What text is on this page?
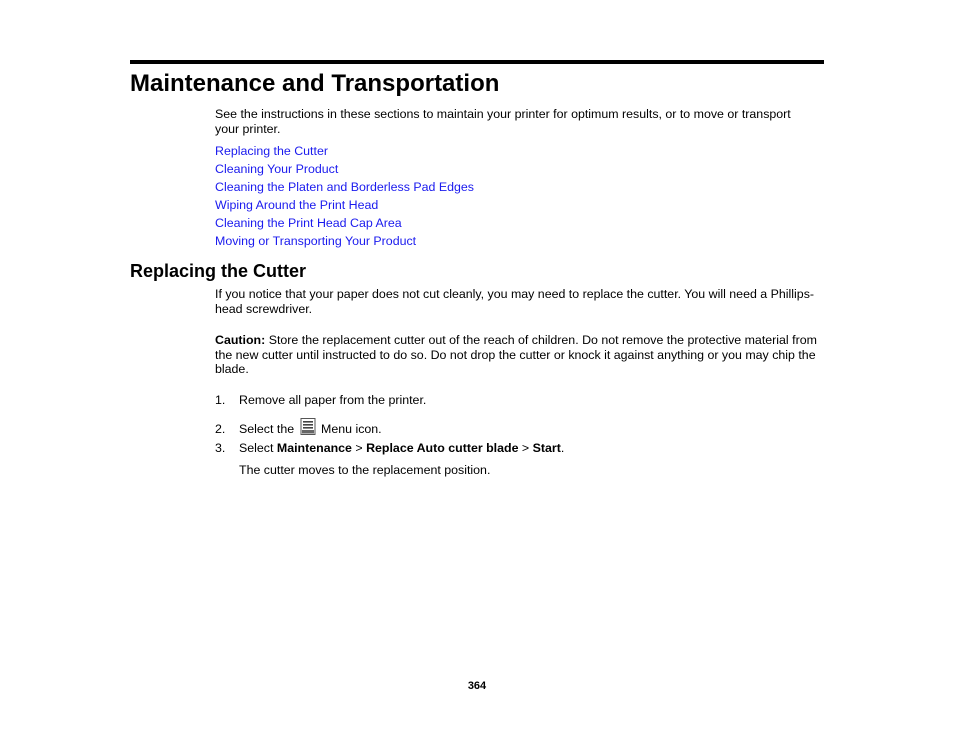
Maintenance and Transportation

See the instructions in these sections to maintain your printer for optimum results, or to move or transport your printer.

Replacing the Cutter
Cleaning Your Product
Cleaning the Platen and Borderless Pad Edges
Wiping Around the Print Head
Cleaning the Print Head Cap Area
Moving or Transporting Your Product
Replacing the Cutter

If you notice that your paper does not cut cleanly, you may need to replace the cutter. You will need a Phillips-head screwdriver.

Caution: Store the replacement cutter out of the reach of children. Do not remove the protective material from the new cutter until instructed to do so. Do not drop the cutter or knock it against anything or you may chip the blade.

1. Remove all paper from the printer.
2. Select the  Menu icon.
3. Select Maintenance > Replace Auto cutter blade > Start.
The cutter moves to the replacement position.
364
